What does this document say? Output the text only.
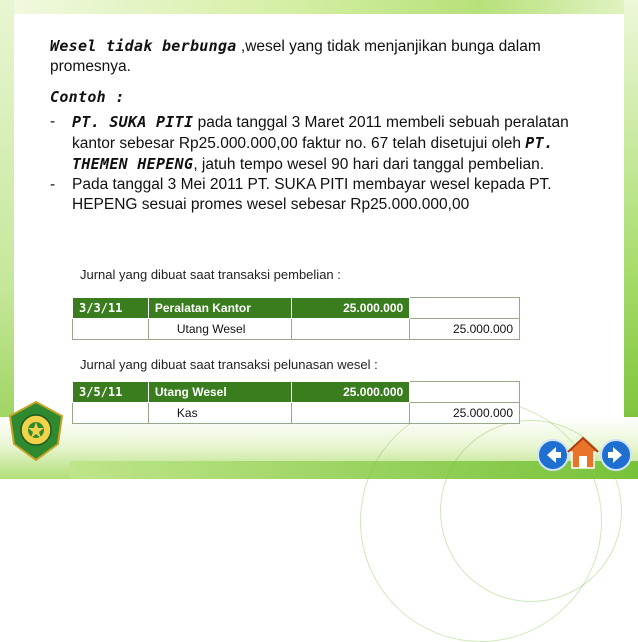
Wesel tidak berbunga ,wesel yang tidak menjanjikan bunga dalam promesnya.

Contoh :

- PT. SUKA PITI pada tanggal 3 Maret 2011 membeli sebuah peralatan kantor sebesar Rp25.000.000,00 faktur no. 67 telah disetujui oleh PT. THEMEN HEPENG, jatuh tempo wesel 90 hari dari tanggal pembelian.

- Pada tanggal 3 Mei 2011 PT. SUKA PITI membayar wesel kepada PT. HEPENG sesuai promes wesel sebesar Rp25.000.000,00

Jurnal yang dibuat saat transaksi pembelian :
3/3/11	Peralatan Kantor	25.000.000	
	Utang Wesel		25.000.000
Jurnal yang dibuat saat transaksi pelunasan wesel :
3/5/11	Utang Wesel	25.000.000	
	Kas		25.000.000
